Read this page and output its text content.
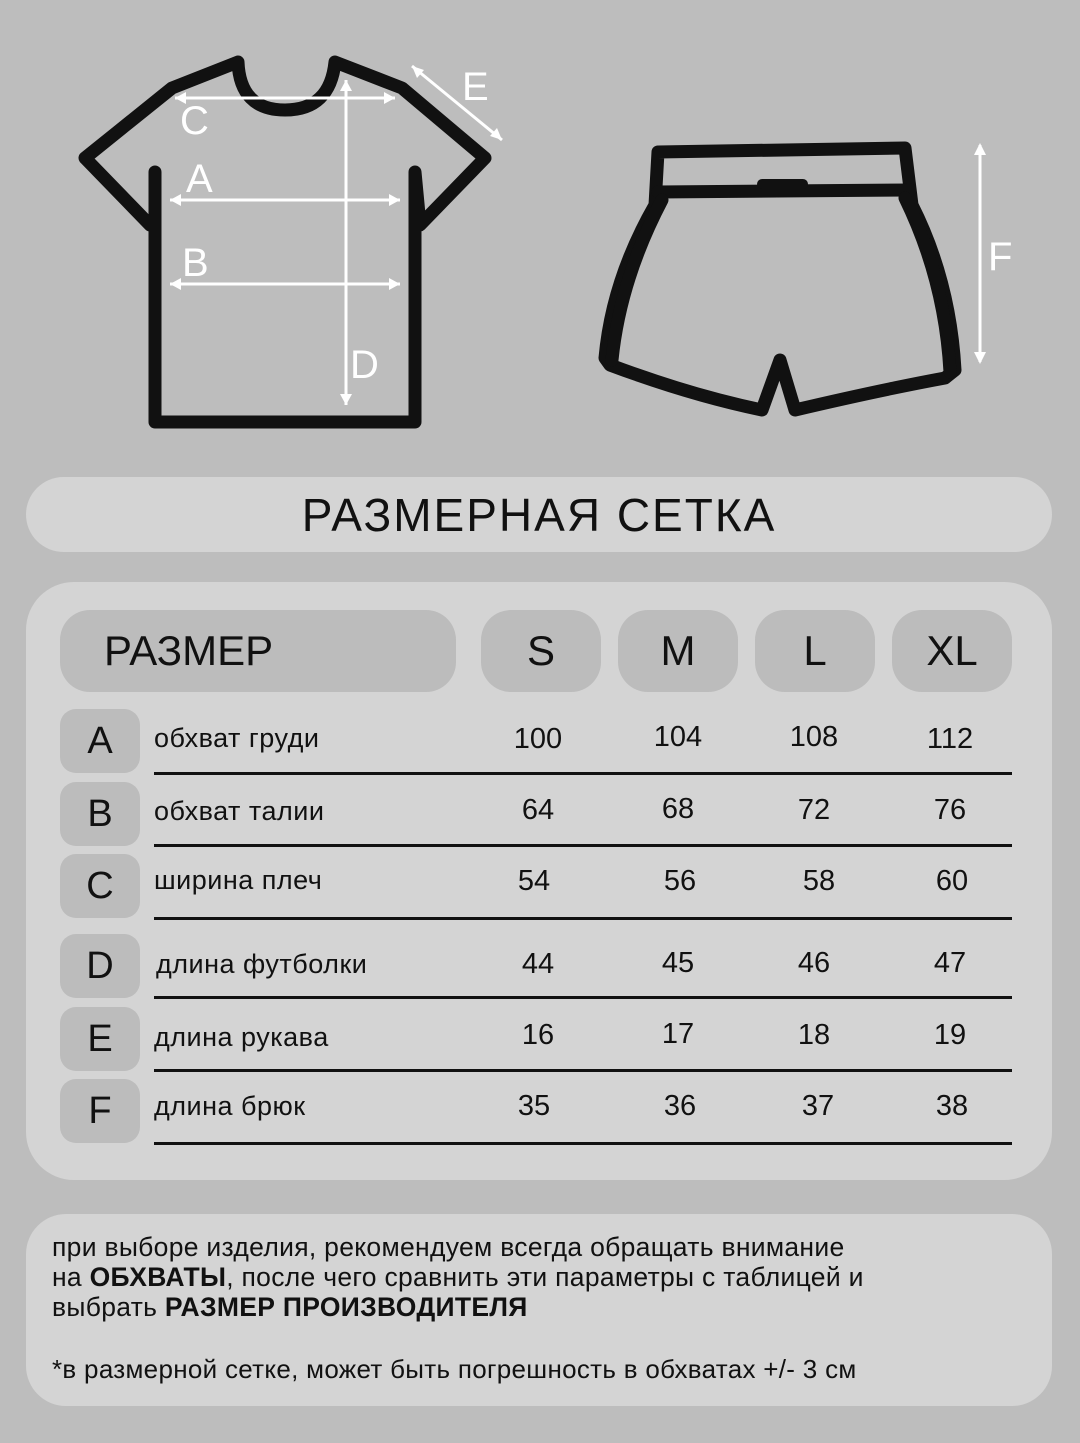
C
A
B
D
E
F
РАЗМЕРНАЯ СЕТКА
РАЗМЕР	S	M	L	XL
A	обхват груди	100	104	108	112
B	обхват талии	64	68	72	76
C	ширина плеч	54	56	58	60
D	длина футболки	44	45	46	47
E	длина рукава	16	17	18	19
F	длина брюк	35	36	37	38
при выборе изделия, рекомендуем всегда обращать внимание
на ОБХВАТЫ, после чего сравнить эти параметры с таблицей и
выбрать РАЗМЕР ПРОИЗВОДИТЕЛЯ
*в размерной сетке, может быть погрешность в обхватах +/- 3 см
